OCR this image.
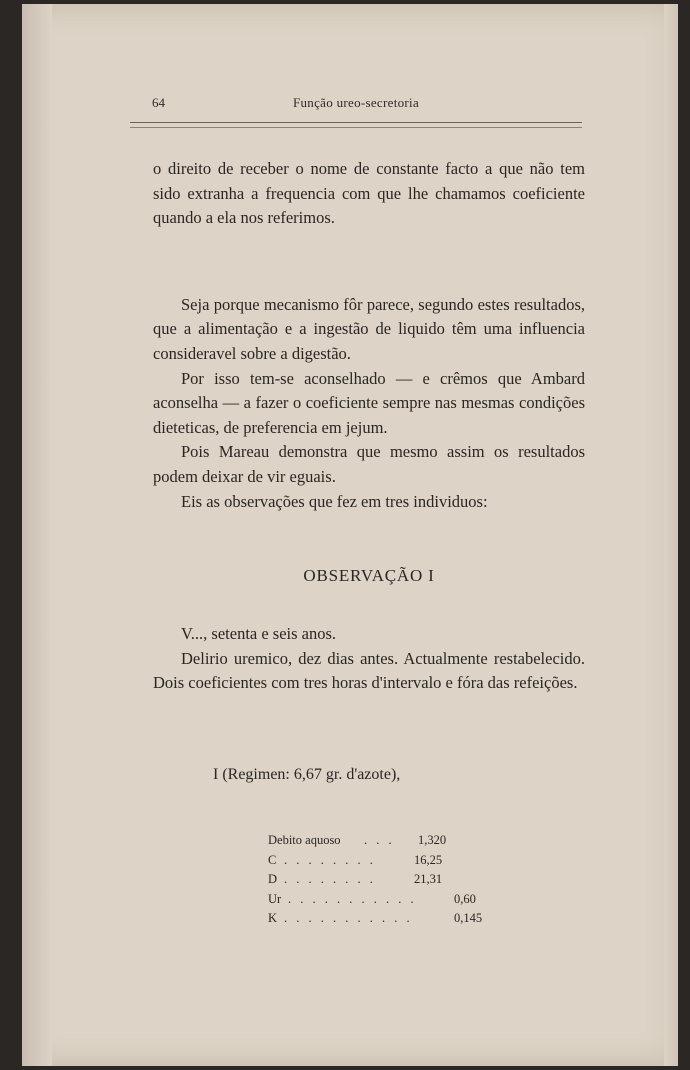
64	Função ureo-secretoria

o direito de receber o nome de constante facto a que não tem sido extranha a frequencia com que lhe chamamos coeficiente quando a ela nos referimos.

Seja porque mecanismo fôr parece, segundo estes resultados, que a alimentação e a ingestão de liquido têm uma influencia consideravel sobre a digestão.

Por isso tem-se aconselhado — e crêmos que Ambard aconselha — a fazer o coeficiente sempre nas mesmas condições dieteticas, de preferencia em jejum.

Pois Mareau demonstra que mesmo assim os resultados podem deixar de vir eguais.

Eis as observações que fez em tres individuos:

OBSERVAÇÃO I

V..., setenta e seis anos.

Delirio uremico, dez dias antes. Actualmente restabelecido. Dois coeficientes com tres horas d'intervalo e fóra das refeições.

I (Regimen: 6,67 gr. d'azote),
Debito aquoso . . . 1,320
C . . . . . . . .	16,25
D . . . . . . . .	21,31
Ur . . . . . . . . . . .	0,60
K . . . . . . . . . . .	0,145
